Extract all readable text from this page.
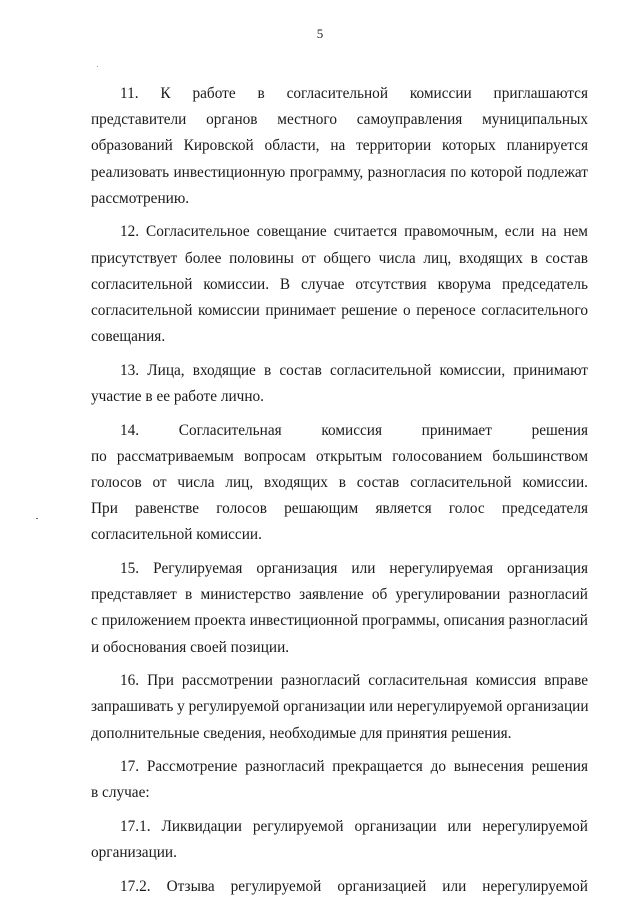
5
11. К работе в согласительной комиссии приглашаются
представители органов местного самоуправления муниципальных
образований Кировской области, на территории которых планируется
реализовать инвестиционную программу, разногласия по которой подлежат
рассмотрению.
12. Согласительное совещание считается правомочным, если на нем
присутствует более половины от общего числа лиц, входящих в состав
согласительной комиссии. В случае отсутствия кворума председатель
согласительной комиссии принимает решение о переносе согласительного
совещания.
13. Лица, входящие в состав согласительной комиссии, принимают
участие в ее работе лично.
14. Согласительная комиссия принимает решения
по рассматриваемым вопросам открытым голосованием большинством
голосов от числа лиц, входящих в состав согласительной комиссии.
При равенстве голосов решающим является голос председателя
согласительной комиссии.
15. Регулируемая организация или нерегулируемая организация
представляет в министерство заявление об урегулировании разногласий
с приложением проекта инвестиционной программы, описания разногласий
и обоснования своей позиции.
16. При рассмотрении разногласий согласительная комиссия вправе
запрашивать у регулируемой организации или нерегулируемой организации
дополнительные сведения, необходимые для принятия решения.
17. Рассмотрение разногласий прекращается до вынесения решения
в случае:
17.1. Ликвидации регулируемой организации или нерегулируемой
организации.
17.2. Отзыва регулируемой организацией или нерегулируемой
